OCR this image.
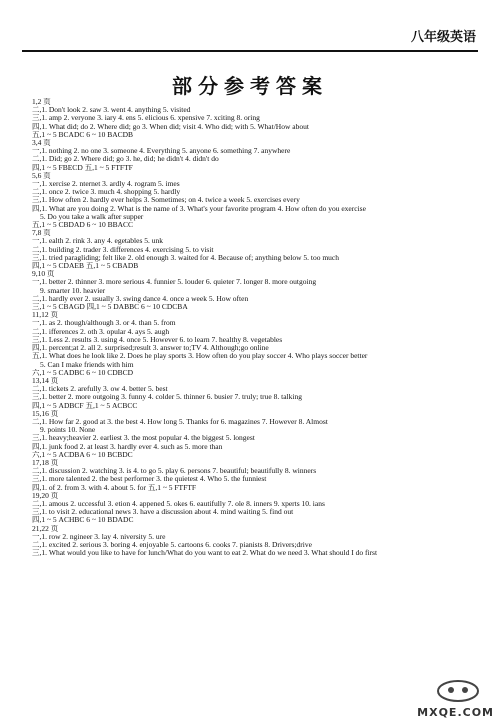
八年级英语
部分参考答案
1,2 页
二,1. Don't look 2. saw 3. went 4. anything 5. visited
三,1. amp 2. veryone 3. iary 4. ens 5. elicious 6. xpensive 7. xciting 8. oring
四,1. What did; do 2. Where did; go 3. When did; visit 4. Who did; with 5. What/How about
五,1 ~ 5 BCADC 6 ~ 10 BACDB
3,4 页
一,1. nothing 2. no one 3. someone 4. Everything 5. anyone 6. something 7. anywhere
二,1. Did; go 2. Where did; go 3. he, did; he didn't 4. didn't do
四,1 ~ 5 FBECD 五,1 ~ 5 FTFTF
5,6 页
一,1. xercise 2. nternet 3. ardly 4. rogram 5. imes
二,1. once 2. twice 3. much 4. shopping 5. hardly
三,1. How often 2. hardly ever helps 3. Sometimes; on 4. twice a week 5. exercises every
四,1. What are you doing 2. What is the name of 3. What's your favorite program 4. How often do you exercise
5. Do you take a walk after supper
五,1 ~ 5 CBDAD 6 ~ 10 BBACC
7,8 页
一,1. ealth 2. rink 3. any 4. egetables 5. unk
二,1. building 2. trader 3. differences 4. exercising 5. to visit
三,1. tried paragliding; felt like 2. old enough 3. waited for 4. Because of; anything below 5. too much
四,1 ~ 5 CDAEB 五,1 ~ 5 CBADB
9,10 页
一,1. better 2. thinner 3. more serious 4. funnier 5. louder 6. quieter 7. longer 8. more outgoing
9. smarter 10. heavier
二,1. hardly ever 2. usually 3. swing dance 4. once a week 5. How often
三,1 ~ 5 CBAGD 四,1 ~ 5 DABBC 6 ~ 10 CDCBA
11,12 页
一,1. as 2. though/although 3. or 4. than 5. from
二,1. ifferences 2. oth 3. opular 4. ays 5. augh
三,1. Less 2. results 3. using 4. once 5. However 6. to learn 7. healthy 8. vegetables
四,1. percent;at 2. all 2. surprised;result 3. answer to;TV 4. Although;go online
五,1. What does he look like 2. Does he play sports 3. How often do you play soccer 4. Who plays soccer better
5. Can I make friends with him
六,1 ~ 5 CADBC 6 ~ 10 CDBCD
13,14 页
二,1. tickets 2. arefully 3. ow 4. better 5. best
三,1. better 2. more outgoing 3. funny 4. colder 5. thinner 6. busier 7. truly; true 8. talking
四,1 ~ 5 ADBCF 五,1 ~ 5 ACBCC
15,16 页
二,1. How far 2. good at 3. the best 4. How long 5. Thanks for 6. magazines 7. However 8. Almost
9. points 10. None
三,1. heavy;heavier 2. earliest 3. the most popular 4. the biggest 5. longest
四,1. junk food 2. at least 3. hardly ever 4. such as 5. more than
六,1 ~ 5 ACDBA 6 ~ 10 BCBDC
17,18 页
二,1. discussion 2. watching 3. is 4. to go 5. play 6. persons 7. beautiful; beautifully 8. winners
三,1. more talented 2. the best performer 3. the quietest 4. Who 5. the funniest
四,1. of 2. from 3. with 4. about 5. for 五,1 ~ 5 FTFTF
19,20 页
二,1. amous 2. uccessful 3. etion 4. appened 5. okes 6. eautifully 7. ole 8. inners 9. xperts 10. ians
三,1. to visit 2. educational news 3. have a discussion about 4. mind waiting 5. find out
四,1 ~ 5 ACHBC 6 ~ 10 BDADC
21,22 页
一,1. row 2. ngineer 3. lay 4. niversity 5. ure
二,1. excited 2. serious 3. boring 4. enjoyable 5. cartoons 6. cooks 7. pianists 8. Drivers;drive
三,1. What would you like to have for lunch/What do you want to eat 2. What do we need 3. What should I do first
MXQE.COM
